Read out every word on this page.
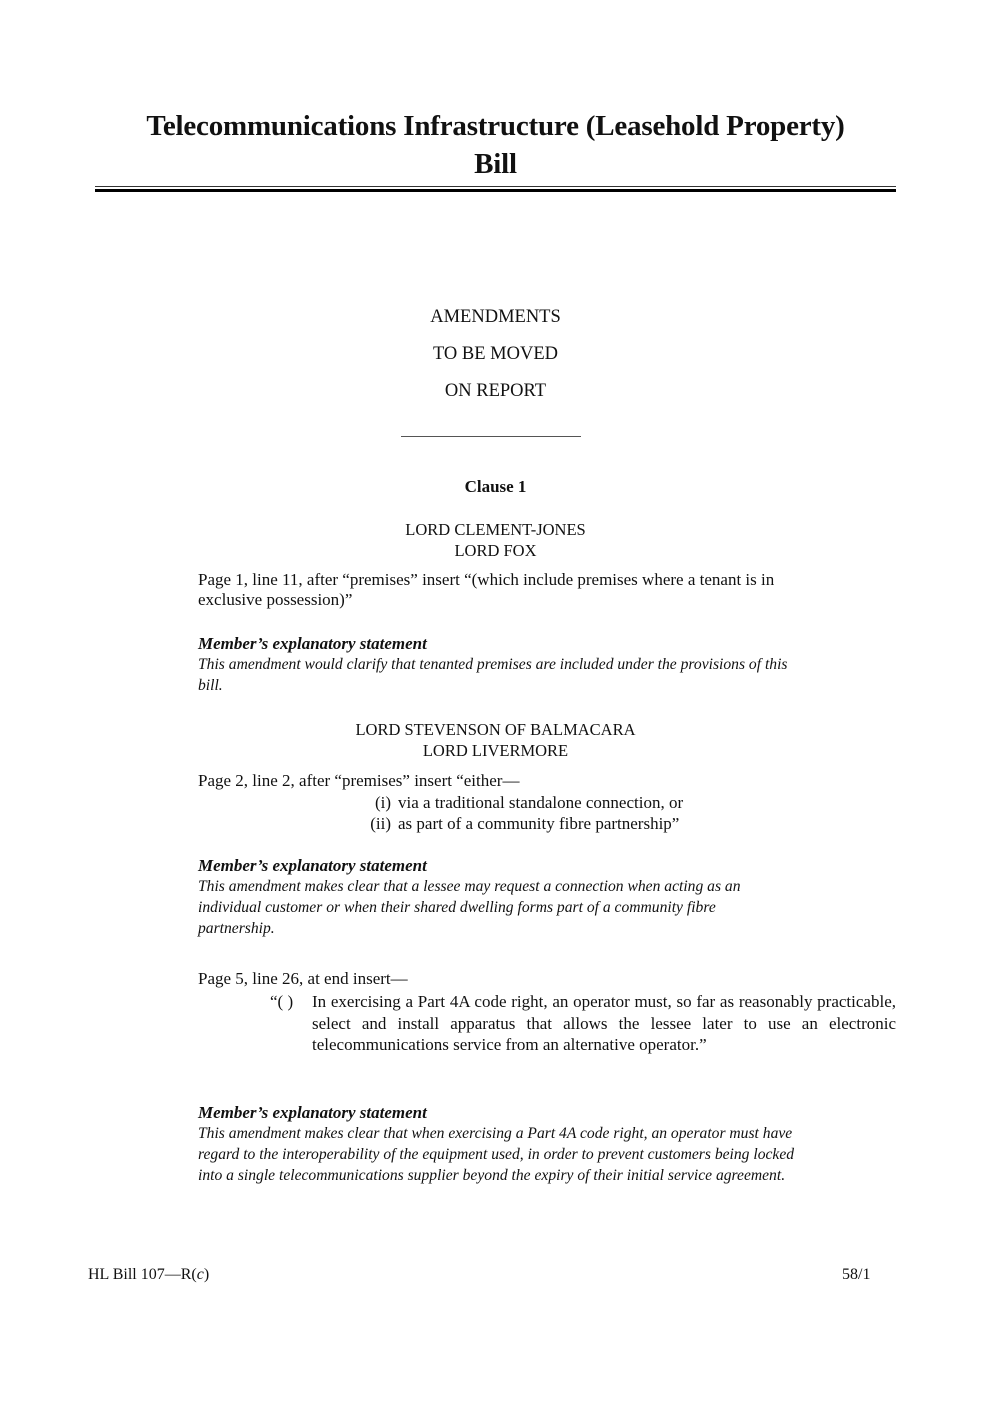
Telecommunications Infrastructure (Leasehold Property)
Bill
AMENDMENTS
TO BE MOVED
ON REPORT
Clause 1
LORD CLEMENT-JONES
LORD FOX
Page 1, line 11, after “premises” insert “(which include premises where a tenant is in
exclusive possession)”
Member’s explanatory statement
This amendment would clarify that tenanted premises are included under the provisions of this
bill.
LORD STEVENSON OF BALMACARA
LORD LIVERMORE
Page 2, line 2, after “premises” insert “either—
(i) via a traditional standalone connection, or
(ii) as part of a community fibre partnership”
Member’s explanatory statement
This amendment makes clear that a lessee may request a connection when acting as an
individual customer or when their shared dwelling forms part of a community fibre
partnership.
Page 5, line 26, at end insert—
“( ) In exercising a Part 4A code right, an operator must, so far as reasonably practicable, select and install apparatus that allows the lessee later to use an electronic telecommunications service from an alternative operator.”
Member’s explanatory statement
This amendment makes clear that when exercising a Part 4A code right, an operator must have
regard to the interoperability of the equipment used, in order to prevent customers being locked
into a single telecommunications supplier beyond the expiry of their initial service agreement.
HL Bill 107—R(c)	58/1
